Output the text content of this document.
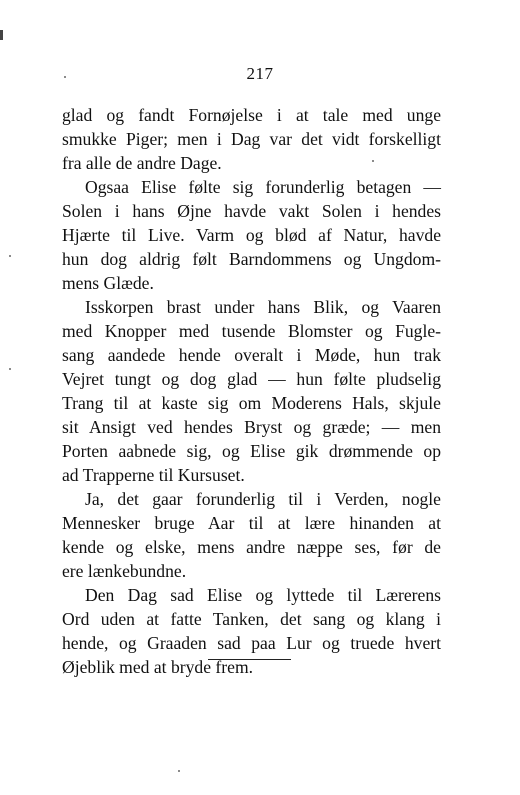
217
glad og fandt Fornøjelse i at tale med unge
smukke Piger; men i Dag var det vidt forskelligt
fra alle de andre Dage.
Ogsaa Elise følte sig forunderlig betagen —
Solen i hans Øjne havde vakt Solen i hendes
Hjærte til Live. Varm og blød af Natur, havde
hun dog aldrig følt Barndommens og Ungdom-
mens Glæde.
Isskorpen brast under hans Blik, og Vaaren
med Knopper med tusende Blomster og Fugle-
sang aandede hende overalt i Møde, hun trak
Vejret tungt og dog glad — hun følte pludselig
Trang til at kaste sig om Moderens Hals, skjule
sit Ansigt ved hendes Bryst og græde; — men
Porten aabnede sig, og Elise gik drømmende op
ad Trapperne til Kursuset.
Ja, det gaar forunderlig til i Verden, nogle
Mennesker bruge Aar til at lære hinanden at
kende og elske, mens andre næppe ses, før de
ere lænkebundne.
Den Dag sad Elise og lyttede til Lærerens
Ord uden at fatte Tanken, det sang og klang i
hende, og Graaden sad paa Lur og truede hvert
Øjeblik med at bryde frem.
